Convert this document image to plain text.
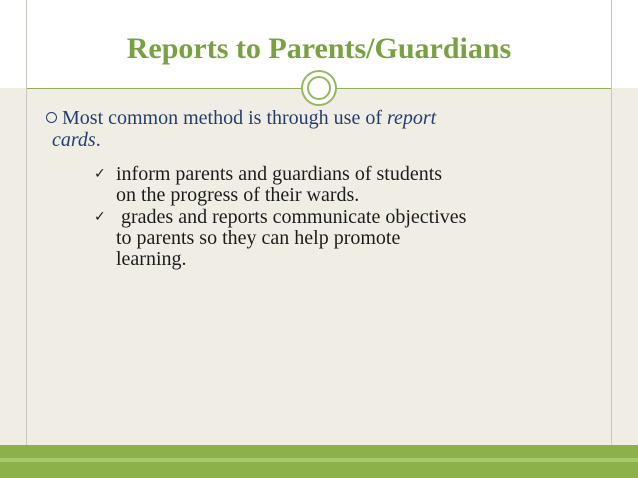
Reports to Parents/Guardians
Most common method is through use of report
cards.
✓ inform parents and guardians of students
on the progress of their wards.
✓ grades and reports communicate objectives
to parents so they can help promote
learning.
